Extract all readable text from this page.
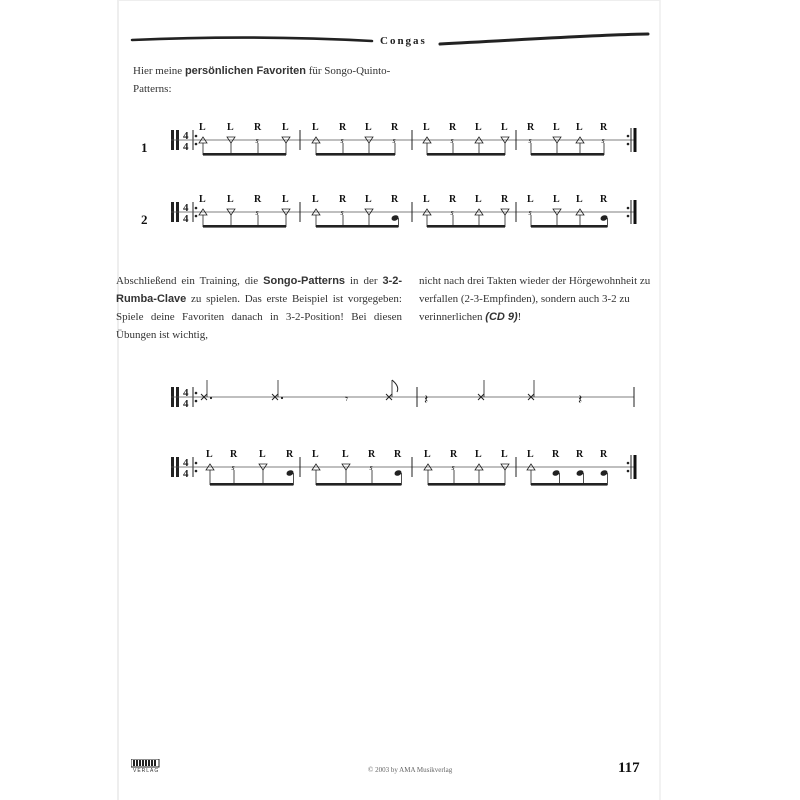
Congas
Hier meine persönlichen Favoriten für Songo-Quinto-Patterns:
1
4
4
L L
s
R L L
s
R L
s
R L
s
R L L
s
R L L
s
R
2
4
4
L L
s
R L L
s
R L R L
s
R L R
s
L L L R
Abschließend ein Training, die Songo-Patterns in der 3-2-Rumba-Clave zu spielen. Das erste Beispiel ist vorgegeben: Spiele deine Favoriten danach in 3-2-Position! Bei diesen Übungen ist wichtig,
nicht nach drei Takten wieder der Hörgewohnheit zu verfallen (2-3-Empfinden), sondern auch 3-2 zu verinnerlichen (CD 9)!
4
4	𝄾	𝄽	𝄽
4
4
L
s
R L R L L
s
R R L
s
R L L L R R R
VERLAG	© 2003 by AMA Musikverlag	117
